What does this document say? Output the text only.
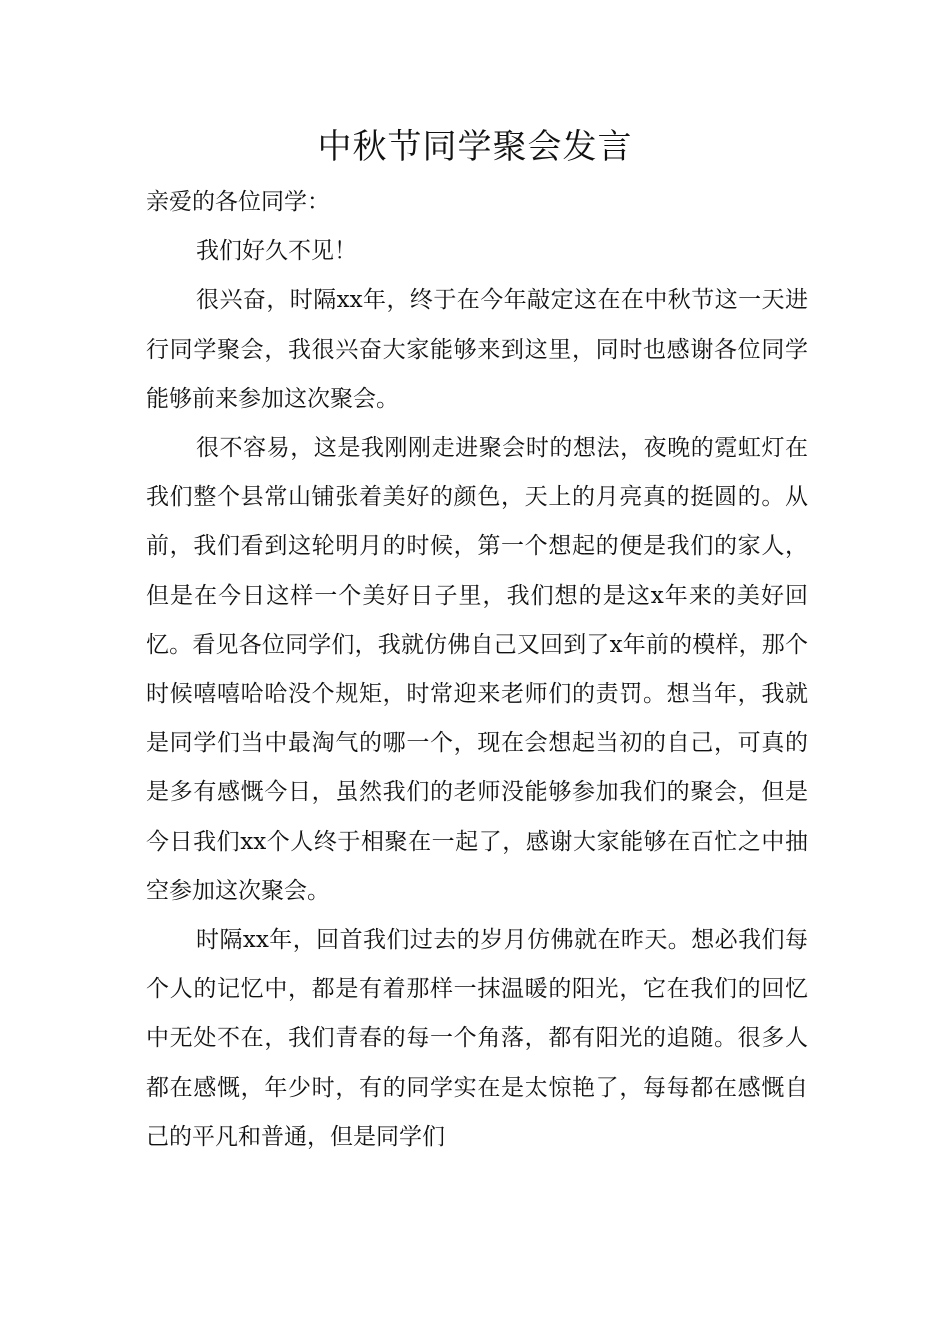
中秋节同学聚会发言

亲爱的各位同学：

我们好久不见！

很兴奋，时隔xx年，终于在今年敲定这在在中秋节这一天进行同学聚会，我很兴奋大家能够来到这里，同时也感谢各位同学能够前来参加这次聚会。

很不容易，这是我刚刚走进聚会时的想法，夜晚的霓虹灯在我们整个县常山铺张着美好的颜色，天上的月亮真的挺圆的。从前，我们看到这轮明月的时候，第一个想起的便是我们的家人，但是在今日这样一个美好日子里，我们想的是这x年来的美好回忆。看见各位同学们，我就仿佛自己又回到了x年前的模样，那个时候嘻嘻哈哈没个规矩，时常迎来老师们的责罚。想当年，我就是同学们当中最淘气的哪一个，现在会想起当初的自己，可真的是多有感慨今日，虽然我们的老师没能够参加我们的聚会，但是今日我们xx个人终于相聚在一起了，感谢大家能够在百忙之中抽空参加这次聚会。

时隔xx年，回首我们过去的岁月仿佛就在昨天。想必我们每个人的记忆中，都是有着那样一抹温暖的阳光，它在我们的回忆中无处不在，我们青春的每一个角落，都有阳光的追随。很多人都在感慨，年少时，有的同学实在是太惊艳了，每每都在感慨自己的平凡和普通，但是同学们
